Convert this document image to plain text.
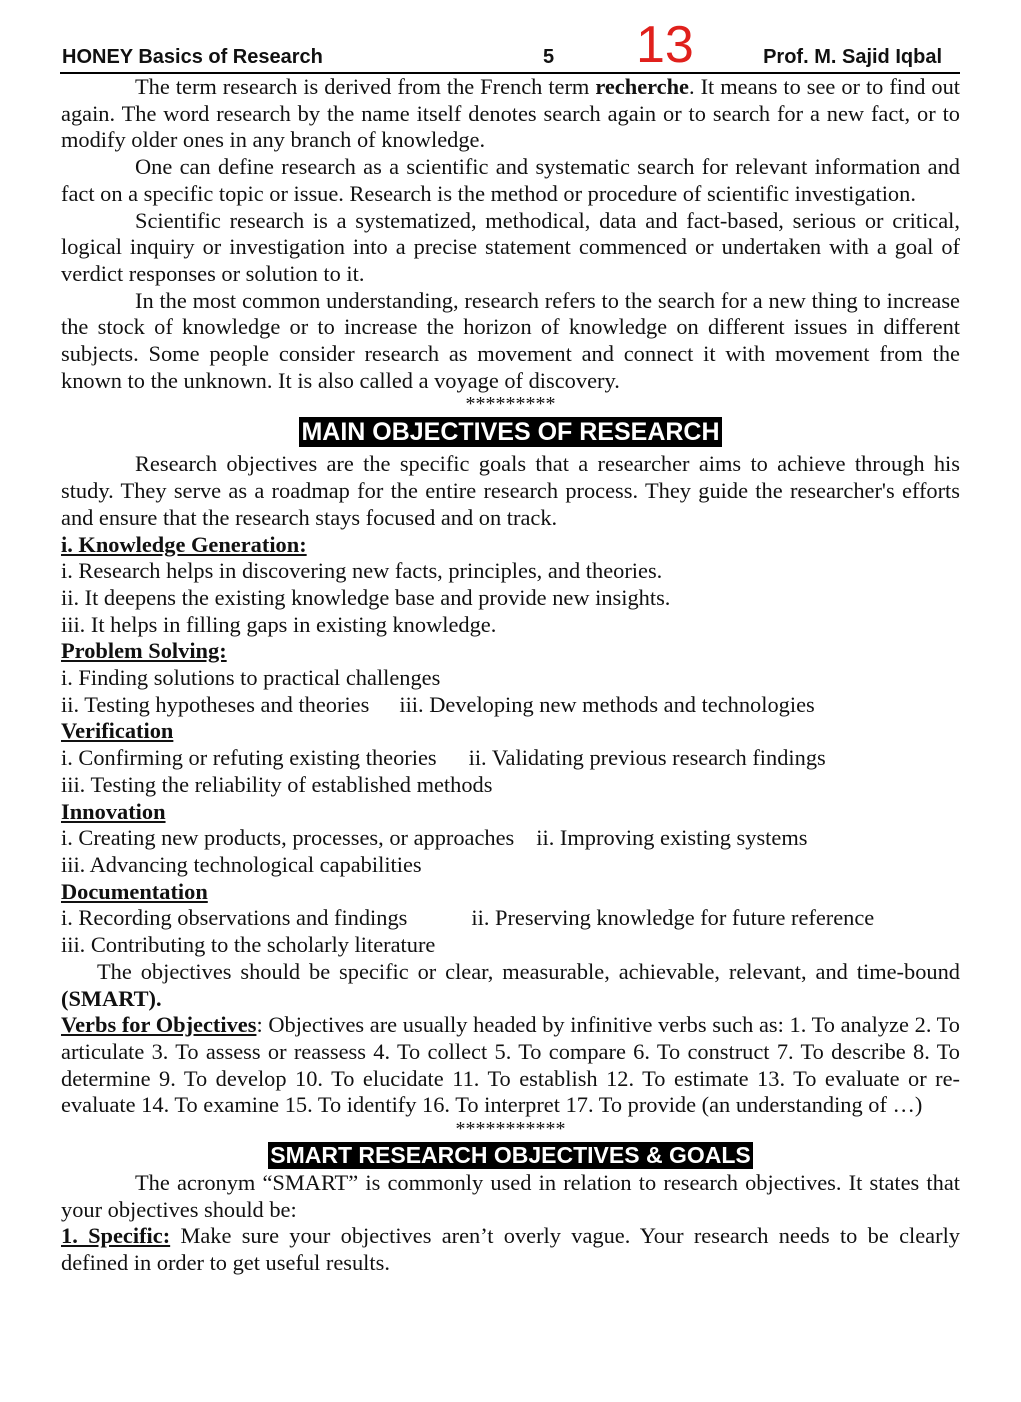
HONEY Basics of Research	5 13	Prof. M. Sajid Iqbal

The term research is derived from the French term recherche. It means to see or to find out again. The word research by the name itself denotes search again or to search for a new fact, or to modify older ones in any branch of knowledge.

One can define research as a scientific and systematic search for relevant information and fact on a specific topic or issue. Research is the method or procedure of scientific investigation.

Scientific research is a systematized, methodical, data and fact-based, serious or critical, logical inquiry or investigation into a precise statement commenced or undertaken with a goal of verdict responses or solution to it.

In the most common understanding, research refers to the search for a new thing to increase the stock of knowledge or to increase the horizon of knowledge on different issues in different subjects. Some people consider research as movement and connect it with movement from the known to the unknown. It is also called a voyage of discovery.

*********

MAIN OBJECTIVES OF RESEARCH

Research objectives are the specific goals that a researcher aims to achieve through his study. They serve as a roadmap for the entire research process. They guide the researcher's efforts and ensure that the research stays focused and on track.

i. Knowledge Generation:

i. Research helps in discovering new facts, principles, and theories.

ii. It deepens the existing knowledge base and provide new insights.

iii. It helps in filling gaps in existing knowledge.

Problem Solving:

i. Finding solutions to practical challenges

ii. Testing hypotheses and theories iii. Developing new methods and technologies

Verification

i. Confirming or refuting existing theories ii. Validating previous research findings

iii. Testing the reliability of established methods

Innovation

i. Creating new products, processes, or approaches ii. Improving existing systems

iii. Advancing technological capabilities

Documentation

i. Recording observations and findings	ii. Preserving knowledge for future reference

iii. Contributing to the scholarly literature

The objectives should be specific or clear, measurable, achievable, relevant, and time-bound (SMART).

Verbs for Objectives: Objectives are usually headed by infinitive verbs such as: 1. To analyze 2. To articulate 3. To assess or reassess 4. To collect 5. To compare 6. To construct 7. To describe 8. To determine 9. To develop 10. To elucidate 11. To establish 12. To estimate 13. To evaluate or re-evaluate 14. To examine 15. To identify 16. To interpret 17. To provide (an understanding of …)

***********

SMART RESEARCH OBJECTIVES & GOALS

The acronym “SMART” is commonly used in relation to research objectives. It states that your objectives should be:

1. Specific: Make sure your objectives aren’t overly vague. Your research needs to be clearly defined in order to get useful results.
